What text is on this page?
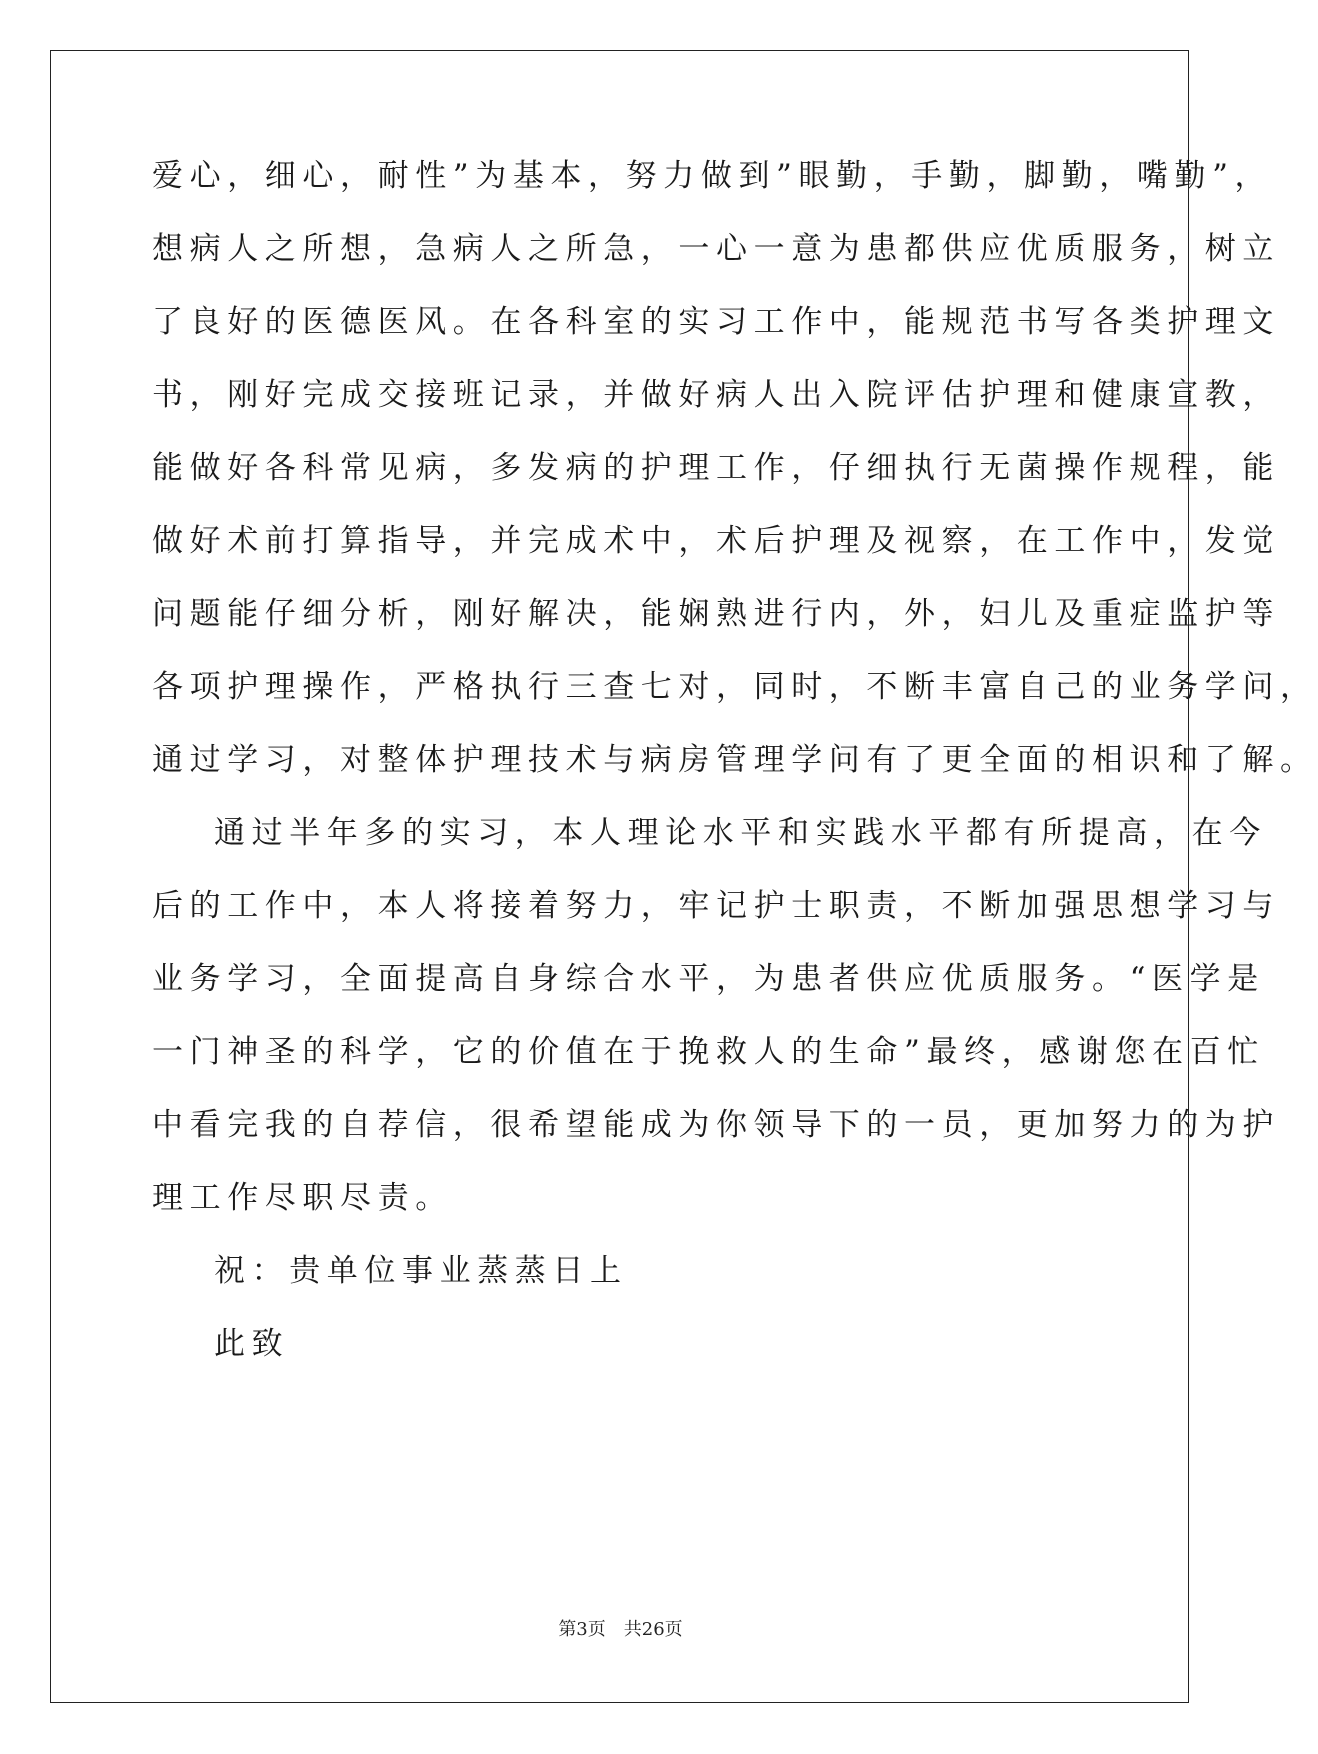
爱心，细心，耐性”为基本，努力做到”眼勤，手勤，脚勤，嘴勤”，
想病人之所想，急病人之所急，一心一意为患都供应优质服务，树立
了良好的医德医风。在各科室的实习工作中，能规范书写各类护理文
书，刚好完成交接班记录，并做好病人出入院评估护理和健康宣教，
能做好各科常见病，多发病的护理工作，仔细执行无菌操作规程，能
做好术前打算指导，并完成术中，术后护理及视察，在工作中，发觉
问题能仔细分析，刚好解决，能娴熟进行内，外，妇儿及重症监护等
各项护理操作，严格执行三查七对，同时，不断丰富自己的业务学问，
通过学习，对整体护理技术与病房管理学问有了更全面的相识和了解。
通过半年多的实习，本人理论水平和实践水平都有所提高，在今
后的工作中，本人将接着努力，牢记护士职责，不断加强思想学习与
业务学习，全面提高自身综合水平，为患者供应优质服务。“医学是
一门神圣的科学，它的价值在于挽救人的生命”最终，感谢您在百忙
中看完我的自荐信，很希望能成为你领导下的一员，更加努力的为护
理工作尽职尽责。
祝：贵单位事业蒸蒸日上
此致
第3页 共26页
